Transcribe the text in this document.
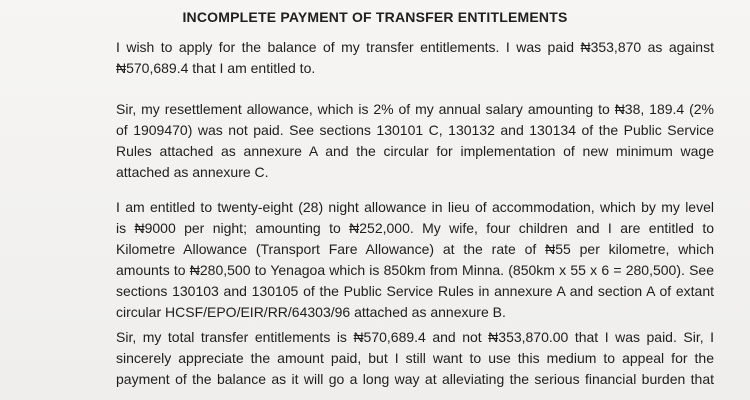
INCOMPLETE PAYMENT OF TRANSFER ENTITLEMENTS

I wish to apply for the balance of my transfer entitlements. I was paid ₦353,870 as against
₦570,689.4 that I am entitled to.

Sir, my resettlement allowance, which is 2% of my annual salary amounting to ₦38, 189.4 (2%
of 1909470) was not paid. See sections 130101 C, 130132 and 130134 of the Public Service
Rules attached as annexure A and the circular for implementation of new minimum wage
attached as annexure C.

I am entitled to twenty-eight (28) night allowance in lieu of accommodation, which by my level
is ₦9000 per night; amounting to ₦252,000. My wife, four children and I are entitled to
Kilometre Allowance (Transport Fare Allowance) at the rate of ₦55 per kilometre, which
amounts to ₦280,500 to Yenagoa which is 850km from Minna. (850km x 55 x 6 = 280,500). See
sections 130103 and 130105 of the Public Service Rules in annexure A and section A of extant
circular HCSF/EPO/EIR/RR/64303/96 attached as annexure B.

Sir, my total transfer entitlements is ₦570,689.4 and not ₦353,870.00 that I was paid. Sir, I
sincerely appreciate the amount paid, but I still want to use this medium to appeal for the
payment of the balance as it will go a long way at alleviating the serious financial burden that
